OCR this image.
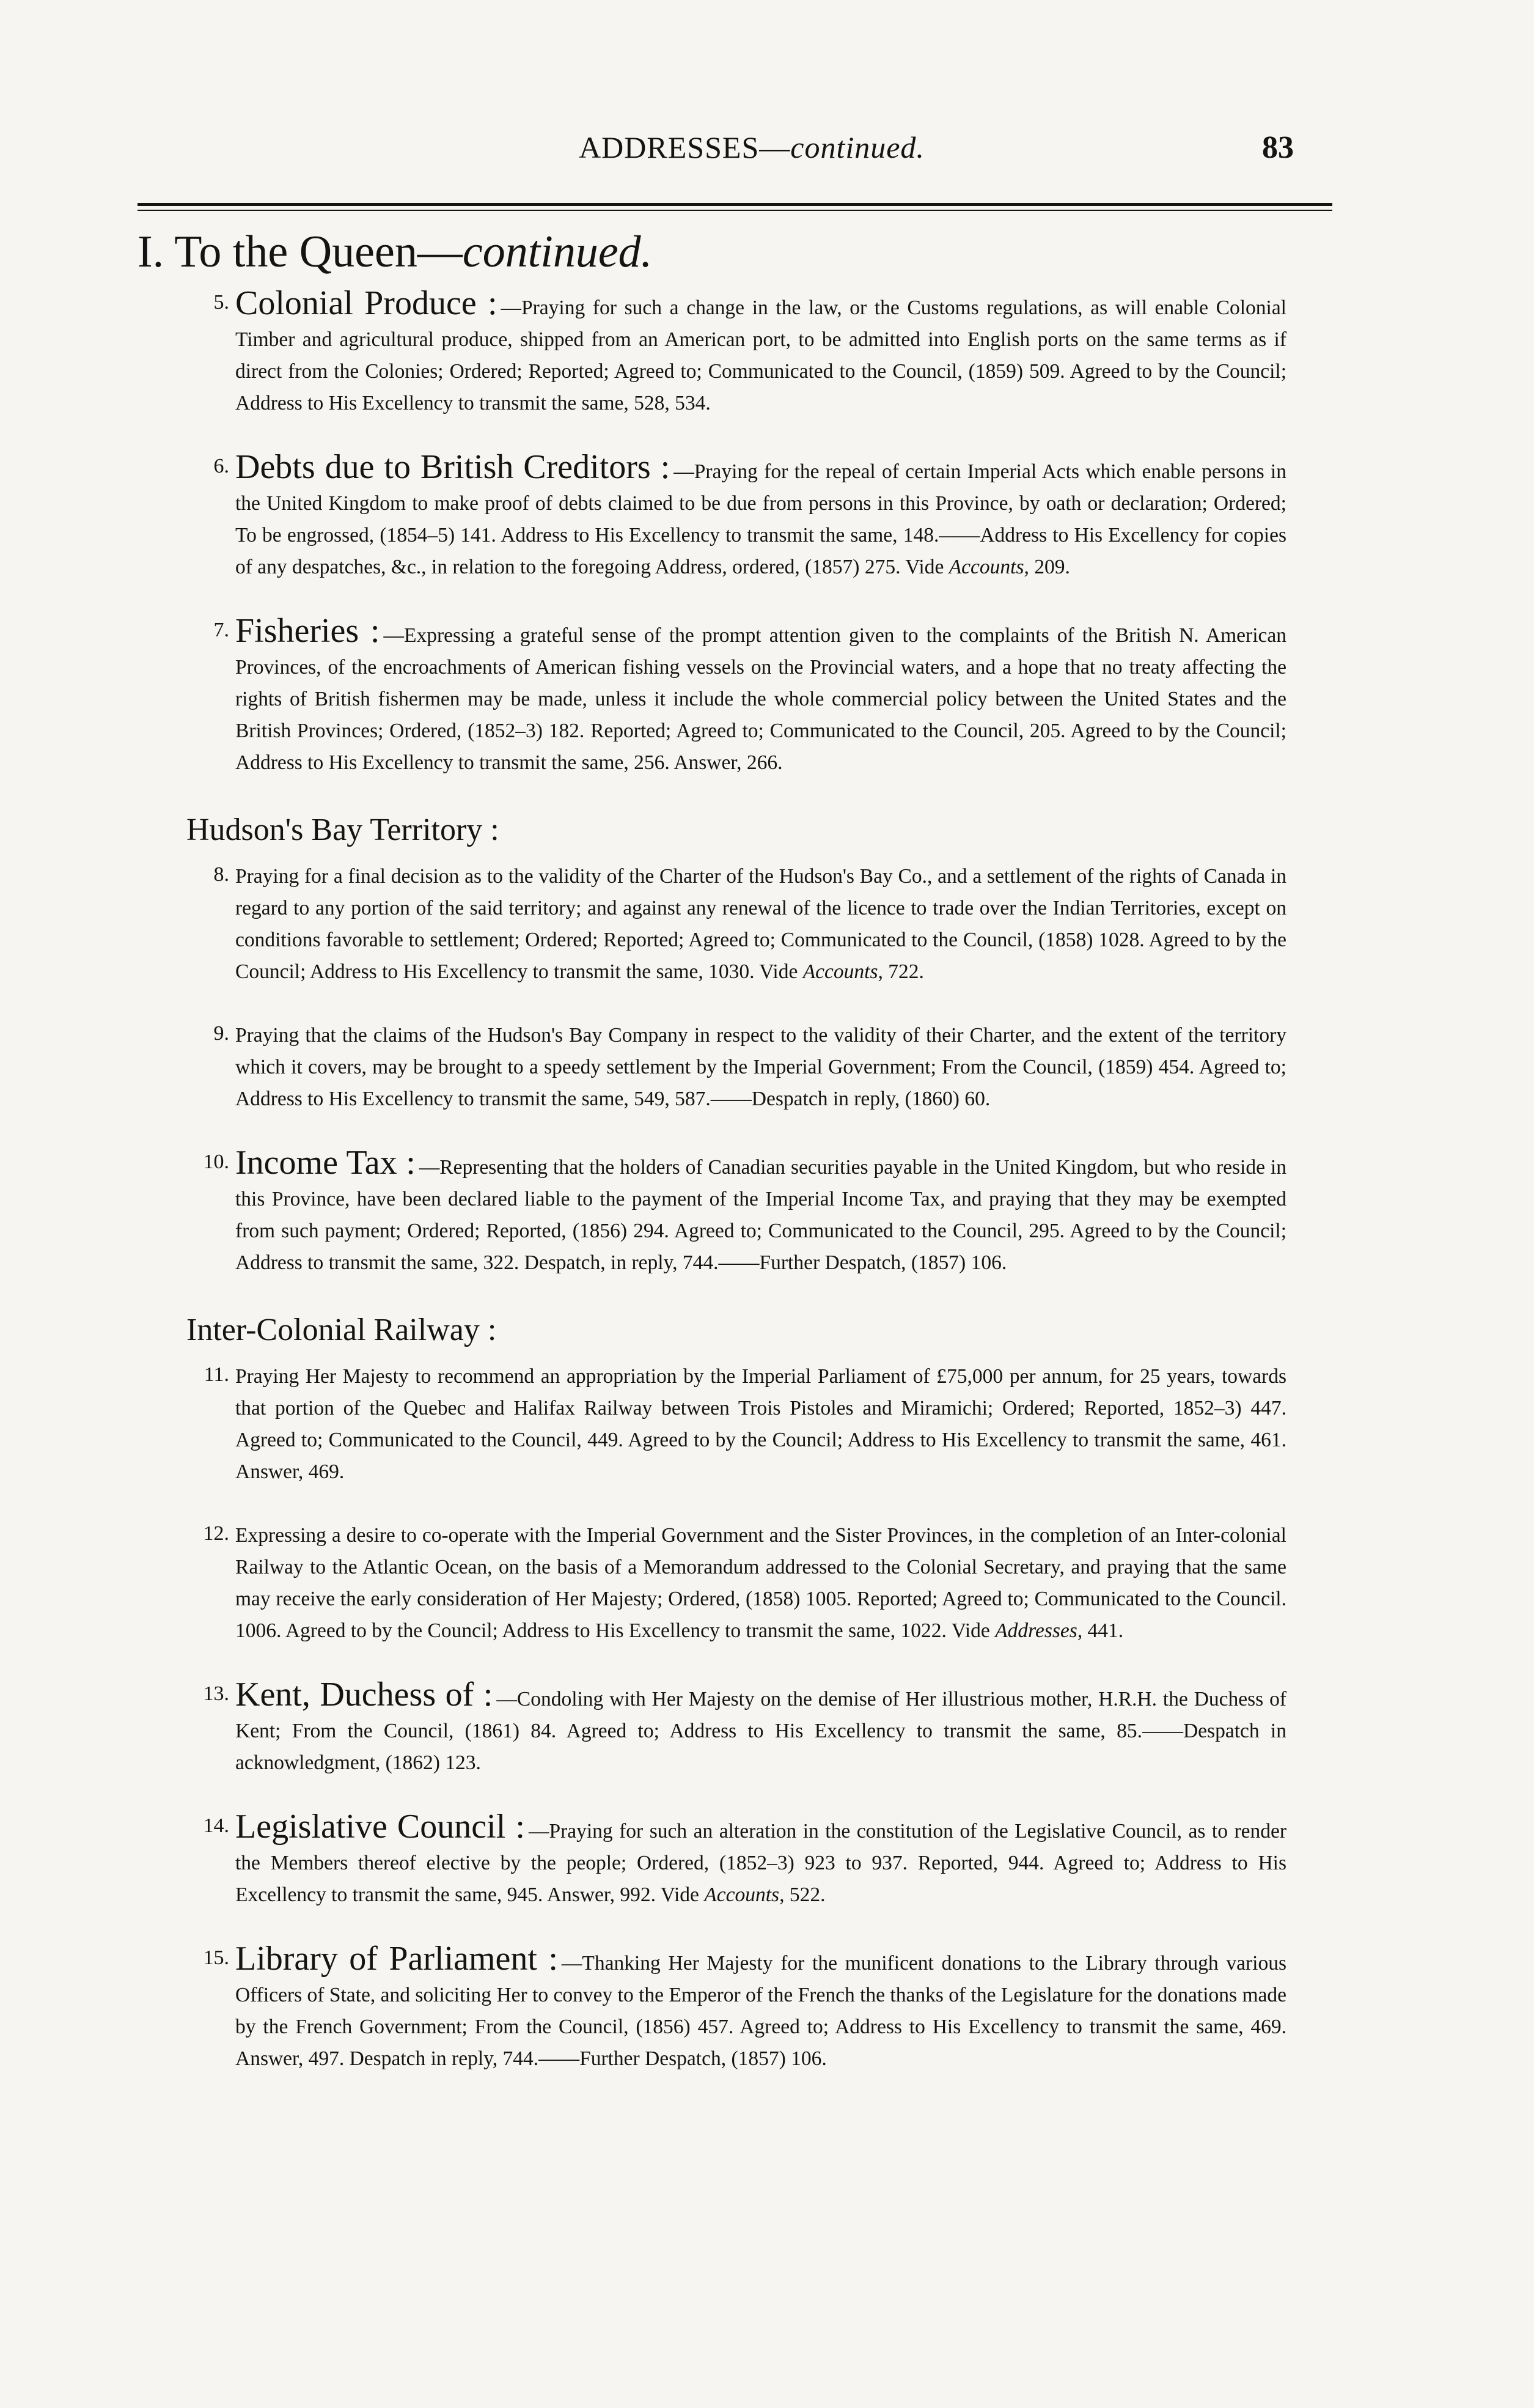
ADDRESSES—continued.	83
I. To the Queen—continued.
5. Colonial Produce : —Praying for such a change in the law, or the Customs regulations, as will enable Colonial Timber and agricultural produce, shipped from an American port, to be admitted into English ports on the same terms as if direct from the Colonies; Ordered; Reported; Agreed to; Communicated to the Council, (1859) 509. Agreed to by the Council; Address to His Excellency to transmit the same, 528, 534.
6. Debts due to British Creditors : —Praying for the repeal of certain Imperial Acts which enable persons in the United Kingdom to make proof of debts claimed to be due from persons in this Province, by oath or declaration; Ordered; To be engrossed, (1854–5) 141. Address to His Excellency to transmit the same, 148.——Address to His Excellency for copies of any despatches, &c., in relation to the foregoing Address, ordered, (1857) 275. Vide Accounts, 209.
7. Fisheries : —Expressing a grateful sense of the prompt attention given to the complaints of the British N. American Provinces, of the encroachments of American fishing vessels on the Provincial waters, and a hope that no treaty affecting the rights of British fishermen may be made, unless it include the whole commercial policy between the United States and the British Provinces; Ordered, (1852–3) 182. Reported; Agreed to; Communicated to the Council, 205. Agreed to by the Council; Address to His Excellency to transmit the same, 256. Answer, 266.
Hudson's Bay Territory :
8. Praying for a final decision as to the validity of the Charter of the Hudson's Bay Co., and a settlement of the rights of Canada in regard to any portion of the said territory; and against any renewal of the licence to trade over the Indian Territories, except on conditions favorable to settlement; Ordered; Reported; Agreed to; Communicated to the Council, (1858) 1028. Agreed to by the Council; Address to His Excellency to transmit the same, 1030. Vide Accounts, 722.
9. Praying that the claims of the Hudson's Bay Company in respect to the validity of their Charter, and the extent of the territory which it covers, may be brought to a speedy settlement by the Imperial Government; From the Council, (1859) 454. Agreed to; Address to His Excellency to transmit the same, 549, 587.——Despatch in reply, (1860) 60.
10. Income Tax : —Representing that the holders of Canadian securities payable in the United Kingdom, but who reside in this Province, have been declared liable to the payment of the Imperial Income Tax, and praying that they may be exempted from such payment; Ordered; Reported, (1856) 294. Agreed to; Communicated to the Council, 295. Agreed to by the Council; Address to transmit the same, 322. Despatch, in reply, 744.——Further Despatch, (1857) 106.
Inter-Colonial Railway :
11. Praying Her Majesty to recommend an appropriation by the Imperial Parliament of £75,000 per annum, for 25 years, towards that portion of the Quebec and Halifax Railway between Trois Pistoles and Miramichi; Ordered; Reported, 1852–3) 447. Agreed to; Communicated to the Council, 449. Agreed to by the Council; Address to His Excellency to transmit the same, 461. Answer, 469.
12. Expressing a desire to co-operate with the Imperial Government and the Sister Provinces, in the completion of an Inter-colonial Railway to the Atlantic Ocean, on the basis of a Memorandum addressed to the Colonial Secretary, and praying that the same may receive the early consideration of Her Majesty; Ordered, (1858) 1005. Reported; Agreed to; Communicated to the Council. 1006. Agreed to by the Council; Address to His Excellency to transmit the same, 1022. Vide Addresses, 441.
13. Kent, Duchess of : —Condoling with Her Majesty on the demise of Her illustrious mother, H.R.H. the Duchess of Kent; From the Council, (1861) 84. Agreed to; Address to His Excellency to transmit the same, 85.——Despatch in acknowledgment, (1862) 123.
14. Legislative Council : —Praying for such an alteration in the constitution of the Legislative Council, as to render the Members thereof elective by the people; Ordered, (1852–3) 923 to 937. Reported, 944. Agreed to; Address to His Excellency to transmit the same, 945. Answer, 992. Vide Accounts, 522.
15. Library of Parliament : —Thanking Her Majesty for the munificent donations to the Library through various Officers of State, and soliciting Her to convey to the Emperor of the French the thanks of the Legislature for the donations made by the French Government; From the Council, (1856) 457. Agreed to; Address to His Excellency to transmit the same, 469. Answer, 497. Despatch in reply, 744.——Further Despatch, (1857) 106.
